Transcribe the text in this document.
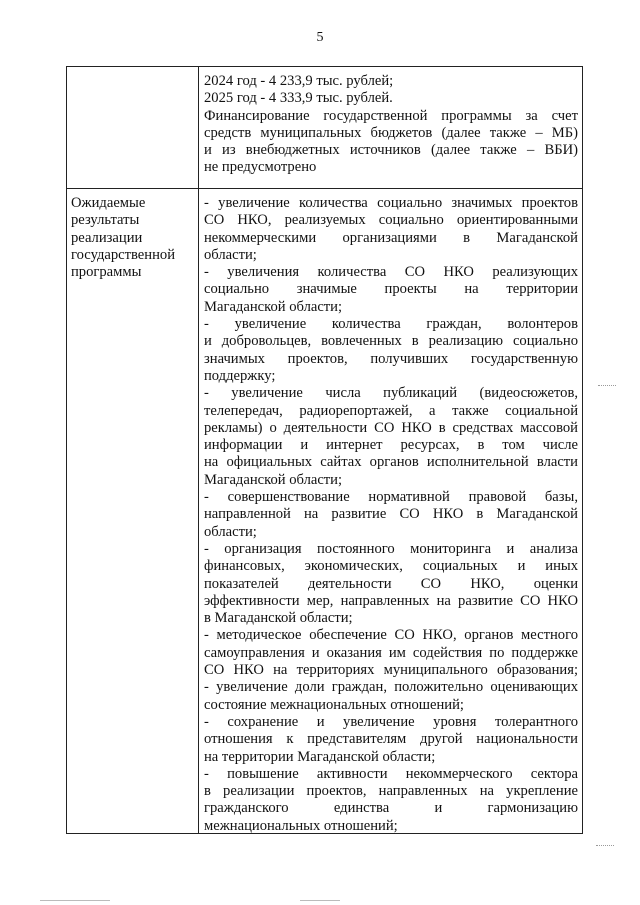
5
2024 год - 4 233,9 тыс. рублей;
2025 год - 4 333,9 тыс. рублей.
Финансирование государственной программы за счет
средств муниципальных бюджетов (далее также – МБ)
и из внебюджетных источников (далее также – ВБИ)
не предусмотрено
Ожидаемые
результаты
реализации
государственной
программы
- увеличение количества социально значимых проектов
СО НКО, реализуемых социально ориентированными
некоммерческими организациями в Магаданской
области;
- увеличения количества СО НКО реализующих
социально значимые проекты на территории
Магаданской области;
- увеличение количества граждан, волонтеров
и добровольцев, вовлеченных в реализацию социально
значимых проектов, получивших государственную
поддержку;
- увеличение числа публикаций (видеосюжетов,
телепередач, радиорепортажей, а также социальной
рекламы) о деятельности СО НКО в средствах массовой
информации и интернет ресурсах, в том числе
на официальных сайтах органов исполнительной власти
Магаданской области;
- совершенствование нормативной правовой базы,
направленной на развитие СО НКО в Магаданской
области;
- организация постоянного мониторинга и анализа
финансовых, экономических, социальных и иных
показателей деятельности СО НКО, оценки
эффективности мер, направленных на развитие СО НКО
в Магаданской области;
- методическое обеспечение СО НКО, органов местного
самоуправления и оказания им содействия по поддержке
СО НКО на территориях муниципального образования;
- увеличение доли граждан, положительно оценивающих
состояние межнациональных отношений;
- сохранение и увеличение уровня толерантного
отношения к представителям другой национальности
на территории Магаданской области;
- повышение активности некоммерческого сектора
в реализации проектов, направленных на укрепление
гражданского единства и гармонизацию
межнациональных отношений;
